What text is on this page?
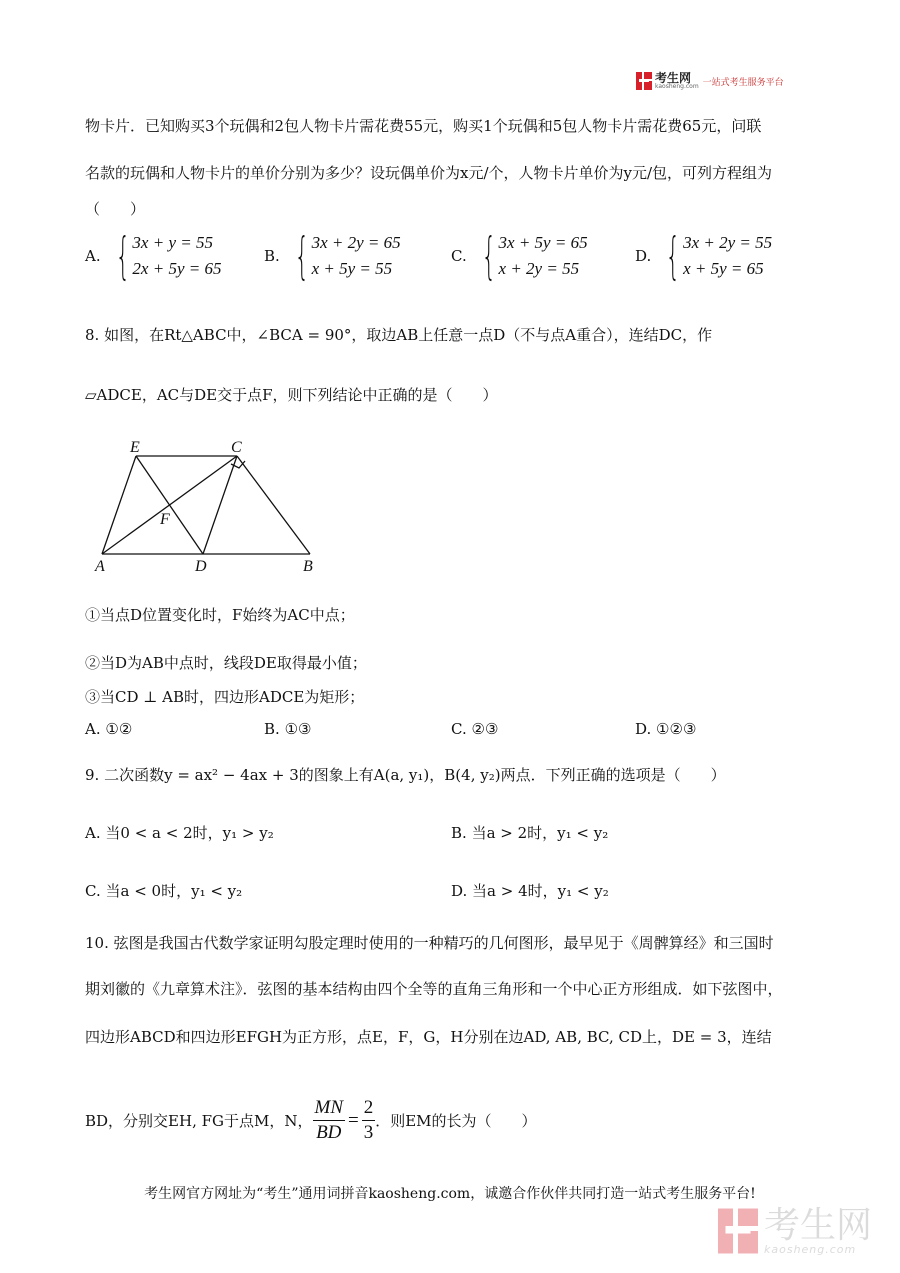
考生网
kaosheng.com 一站式考生服务平台
物卡片．已知购买3个玩偶和2包人物卡片需花费55元，购买1个玩偶和5包人物卡片需花费65元，问联
名款的玩偶和人物卡片的单价分别为多少？设玩偶单价为x元/个，人物卡片单价为y元/包，可列方程组为
（　　）
A. { 3x + y = 55
2x + 5y = 65
B. { 3x + 2y = 65
x + 5y = 55
C. { 3x + 5y = 65
x + 2y = 55
D. { 3x + 2y = 55
x + 5y = 65
8. 如图，在Rt△ABC中，∠BCA = 90°，取边AB上任意一点D（不与点A重合），连结DC，作
▱ADCE，AC与DE交于点F，则下列结论中正确的是（　　）
E	C
F
A	D	B
①当点D位置变化时，F始终为AC中点；
②当D为AB中点时，线段DE取得最小值；
③当CD ⊥ AB时，四边形ADCE为矩形；
A. ①②	B. ①③	C. ②③	D. ①②③
9. 二次函数y = ax² − 4ax + 3的图象上有A(a, y₁)，B(4, y₂)两点．下列正确的选项是（　　）
A. 当0 < a < 2时，y₁ > y₂	B. 当a > 2时，y₁ < y₂
C. 当a < 0时，y₁ < y₂	D. 当a > 4时，y₁ < y₂
10. 弦图是我国古代数学家证明勾股定理时使用的一种精巧的几何图形，最早见于《周髀算经》和三国时
期刘徽的《九章算术注》．弦图的基本结构由四个全等的直角三角形和一个中心正方形组成．如下弦图中，
四边形ABCD和四边形EFGH为正方形，点E，F，G，H分别在边AD, AB, BC, CD上，DE = 3，连结
BD，分别交EH, FG于点M，N， $\frac{MN}{BD} = \frac{2}{3}$ ．则EM的长为（　　）
考生网官方网址为“考生”通用词拼音kaosheng.com，诚邀合作伙伴共同打造一站式考生服务平台!
考生网
kaosheng.com
